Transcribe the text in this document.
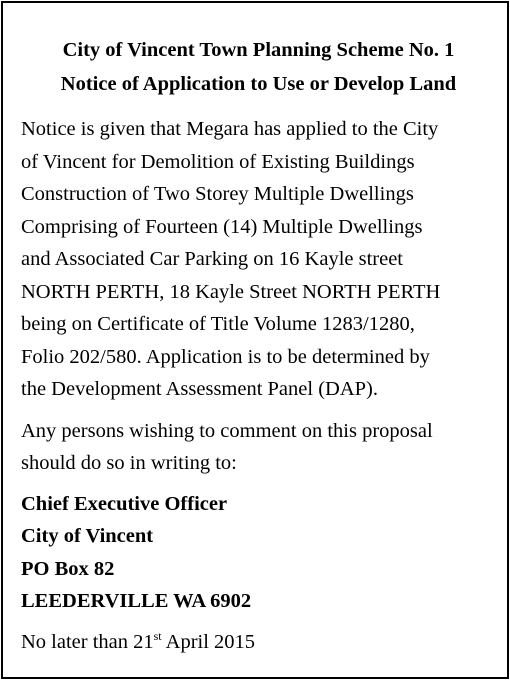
City of Vincent Town Planning Scheme No. 1
Notice of Application to Use or Develop Land

Notice is given that Megara has applied to the City
of Vincent for Demolition of Existing Buildings
Construction of Two Storey Multiple Dwellings
Comprising of Fourteen (14) Multiple Dwellings
and Associated Car Parking on 16 Kayle street
NORTH PERTH, 18 Kayle Street NORTH PERTH
being on Certificate of Title Volume 1283/1280,
Folio 202/580. Application is to be determined by
the Development Assessment Panel (DAP).

Any persons wishing to comment on this proposal
should do so in writing to:

Chief Executive Officer
City of Vincent
PO Box 82
LEEDERVILLE WA 6902

No later than 21st April 2015
